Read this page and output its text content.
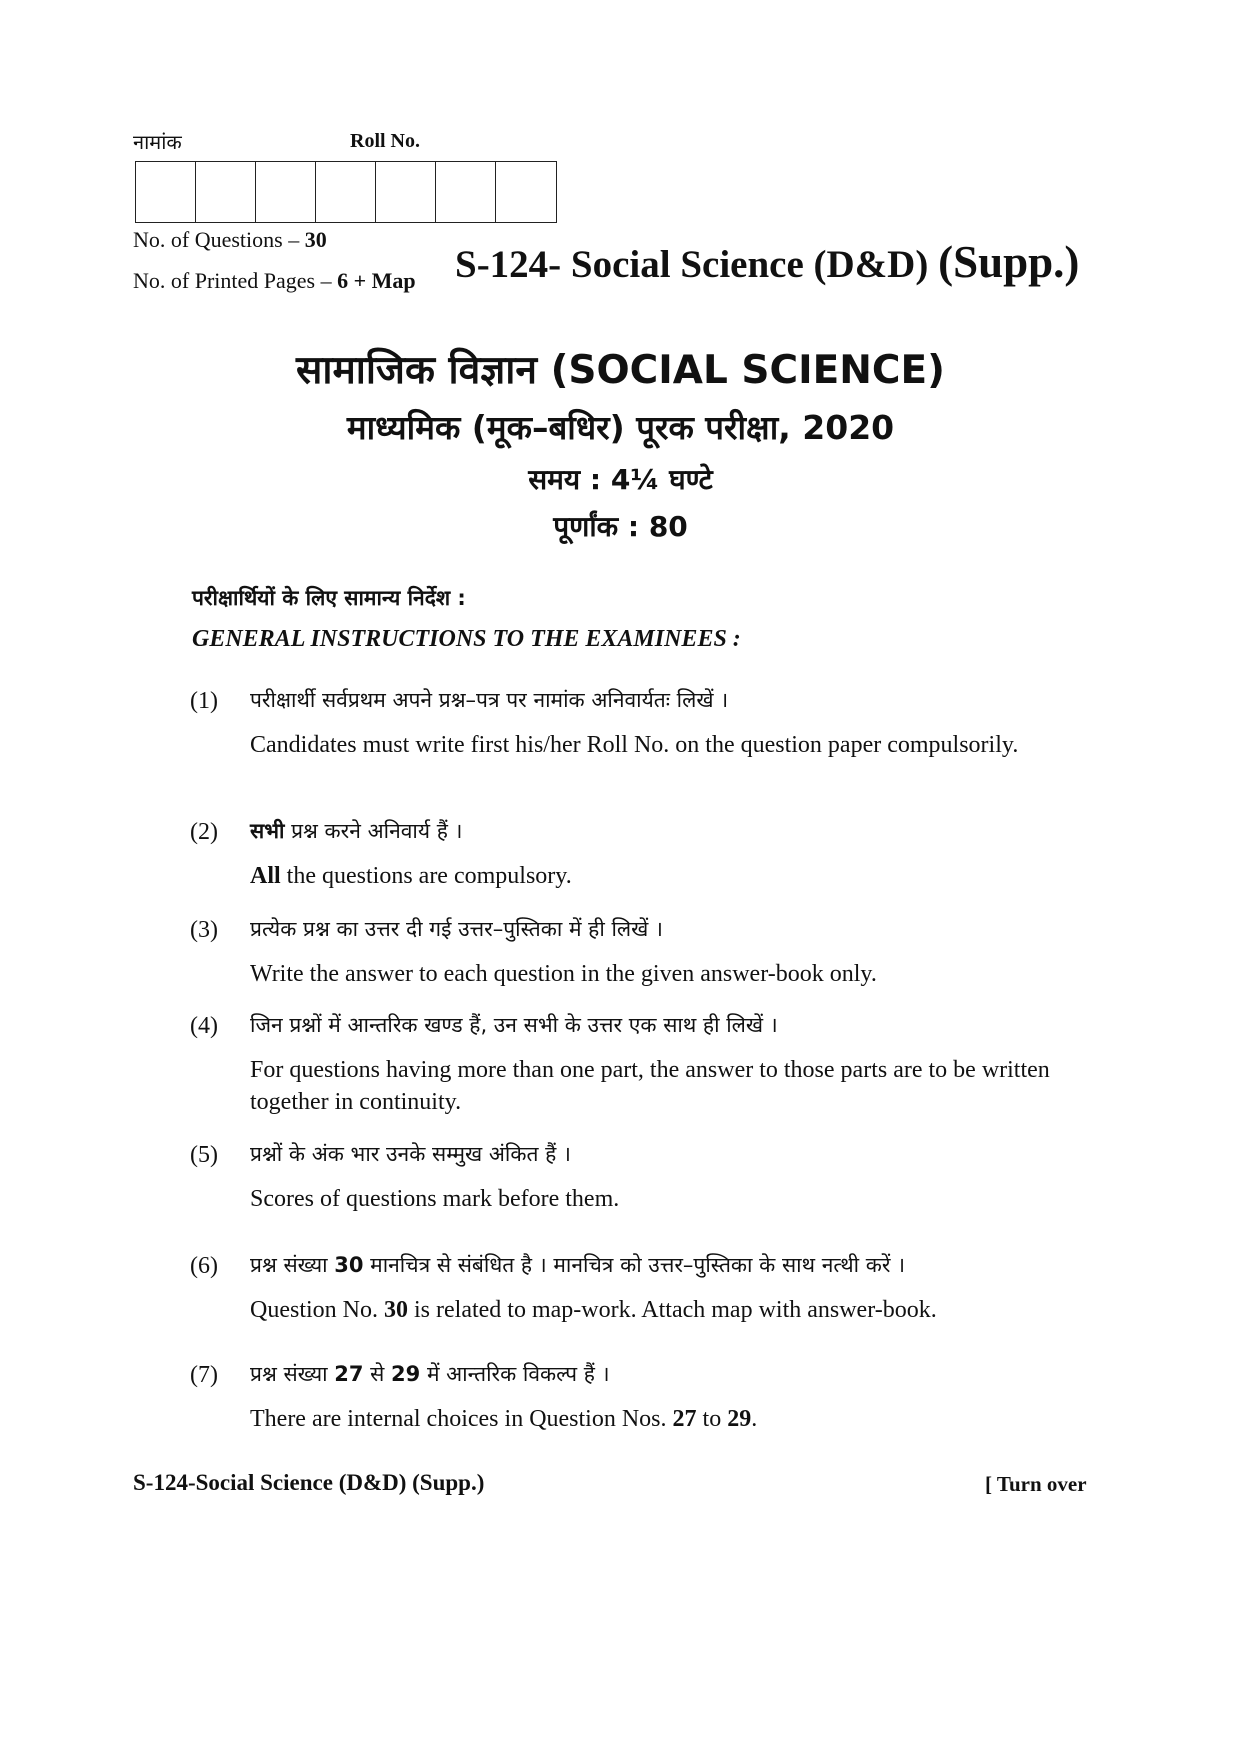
नामांक	Roll No.
No. of Questions – 30
No. of Printed Pages – 6 + Map S-124- Social Science (D&D) (Supp.)
सामाजिक विज्ञान (SOCIAL SCIENCE)
माध्यमिक (मूक–बधिर) पूरक परीक्षा, 2020
समय : 4¼ घण्टे
पूर्णांक : 80
परीक्षार्थियों के लिए सामान्य निर्देश :
GENERAL INSTRUCTIONS TO THE EXAMINEES :
(1) परीक्षार्थी सर्वप्रथम अपने प्रश्न–पत्र पर नामांक अनिवार्यतः लिखें ।
Candidates must write first his/her Roll No. on the question paper compulsorily.
(2) सभी प्रश्न करने अनिवार्य हैं ।
All the questions are compulsory.
(3) प्रत्येक प्रश्न का उत्तर दी गई उत्तर–पुस्तिका में ही लिखें ।
Write the answer to each question in the given answer-book only.
(4) जिन प्रश्नों में आन्तरिक खण्ड हैं, उन सभी के उत्तर एक साथ ही लिखें ।
For questions having more than one part, the answer to those parts are to be written together in continuity.
(5) प्रश्नों के अंक भार उनके सम्मुख अंकित हैं ।
Scores of questions mark before them.
(6) प्रश्न संख्या 30 मानचित्र से संबंधित है । मानचित्र को उत्तर–पुस्तिका के साथ नत्थी करें ।
Question No. 30 is related to map-work. Attach map with answer-book.
(7) प्रश्न संख्या 27 से 29 में आन्तरिक विकल्प हैं ।
There are internal choices in Question Nos. 27 to 29.
S-124-Social Science (D&D) (Supp.)	[ Turn over
